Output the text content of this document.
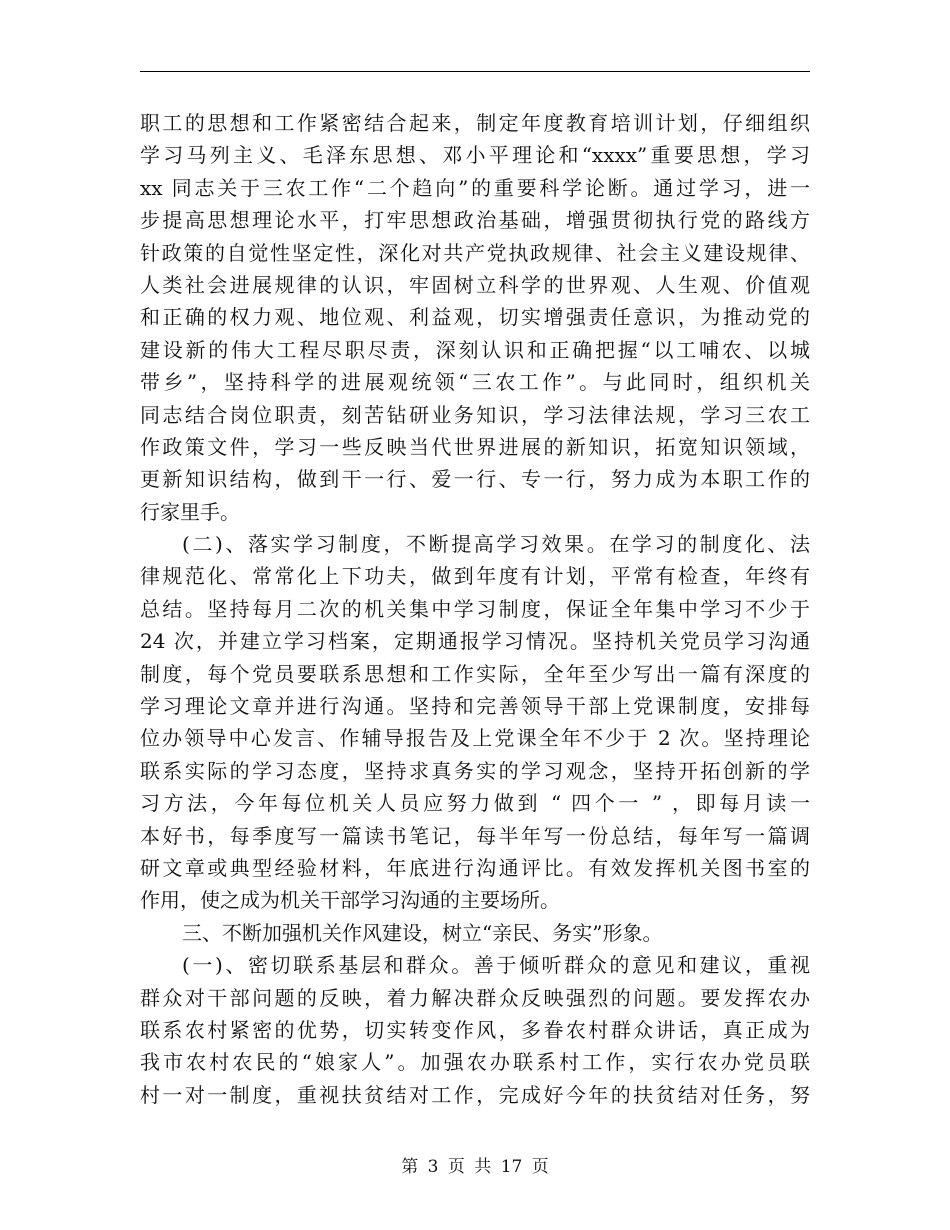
职工的思想和工作紧密结合起来，制定年度教育培训计划，仔细组织
学习马列主义、毛泽东思想、邓小平理论和“xxxx”重要思想，学习
xx 同志关于三农工作“二个趋向”的重要科学论断。通过学习，进一
步提高思想理论水平，打牢思想政治基础，增强贯彻执行党的路线方
针政策的自觉性坚定性，深化对共产党执政规律、社会主义建设规律、
人类社会进展规律的认识，牢固树立科学的世界观、人生观、价值观
和正确的权力观、地位观、利益观，切实增强责任意识，为推动党的
建设新的伟大工程尽职尽责，深刻认识和正确把握“以工哺农、以城
带乡”，坚持科学的进展观统领“三农工作”。与此同时，组织机关
同志结合岗位职责，刻苦钻研业务知识，学习法律法规，学习三农工
作政策文件，学习一些反映当代世界进展的新知识，拓宽知识领域，
更新知识结构，做到干一行、爱一行、专一行，努力成为本职工作的
行家里手。
(二)、落实学习制度，不断提高学习效果。在学习的制度化、法
律规范化、常常化上下功夫，做到年度有计划，平常有检查，年终有
总结。坚持每月二次的机关集中学习制度，保证全年集中学习不少于
24 次，并建立学习档案，定期通报学习情况。坚持机关党员学习沟通
制度，每个党员要联系思想和工作实际，全年至少写出一篇有深度的
学习理论文章并进行沟通。坚持和完善领导干部上党课制度，安排每
位办领导中心发言、作辅导报告及上党课全年不少于 2 次。坚持理论
联系实际的学习态度，坚持求真务实的学习观念，坚持开拓创新的学
习方法，今年每位机关人员应努力做到 “ 四个一 ” ，即每月读一
本好书，每季度写一篇读书笔记，每半年写一份总结，每年写一篇调
研文章或典型经验材料，年底进行沟通评比。有效发挥机关图书室的
作用，使之成为机关干部学习沟通的主要场所。
三、不断加强机关作风建设，树立“亲民、务实”形象。
(一)、密切联系基层和群众。善于倾听群众的意见和建议，重视
群众对干部问题的反映，着力解决群众反映强烈的问题。要发挥农办
联系农村紧密的优势，切实转变作风，多眷农村群众讲话，真正成为
我市农村农民的“娘家人”。加强农办联系村工作，实行农办党员联
村一对一制度，重视扶贫结对工作，完成好今年的扶贫结对任务，努
第 3 页 共 17 页
